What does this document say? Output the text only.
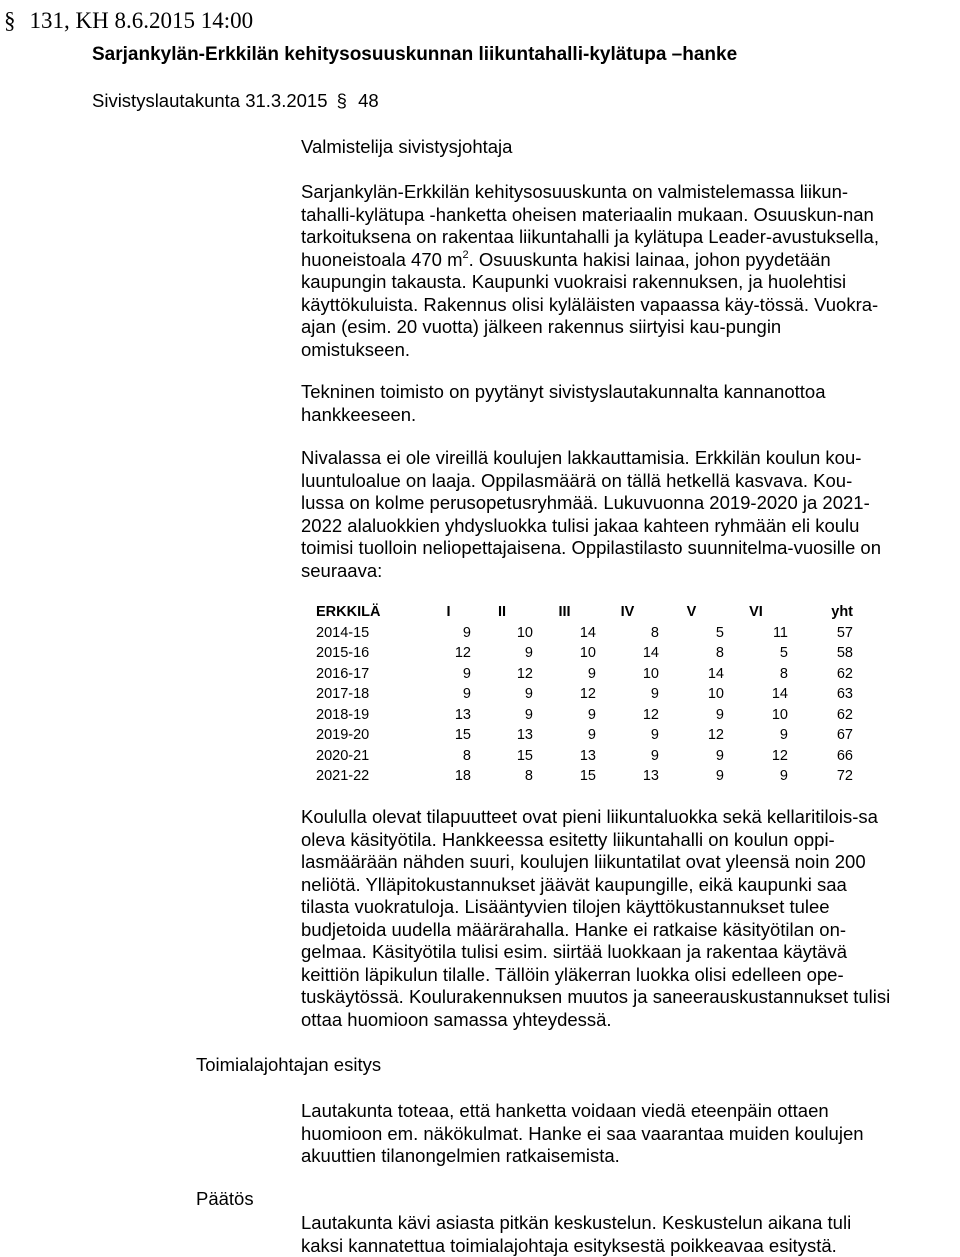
§ 131, KH 8.6.2015 14:00
Sarjankylän-Erkkilän kehitysosuuskunnan liikuntahalli-kylätupa –hanke
Sivistyslautakunta 31.3.2015 § 48
Valmistelija sivistysjohtaja

Sarjankylän-Erkkilän kehitysosuuskunta on valmistelemassa liikun-tahalli-kylätupa -hanketta oheisen materiaalin mukaan. Osuuskun-nan tarkoituksena on rakentaa liikuntahalli ja kylätupa Leader-avustuksella, huoneistoala 470 $m^2$. Osuuskunta hakisi lainaa, johon pyydetään kaupungin takausta. Kaupunki vuokraisi rakennuksen, ja huolehtisi käyttökuluista. Rakennus olisi kyläläisten vapaassa käy-tössä. Vuokra-ajan (esim. 20 vuotta) jälkeen rakennus siirtyisi kau-pungin omistukseen.

Tekninen toimisto on pyytänyt sivistyslautakunnalta kannanottoa hankkeeseen.

Nivalassa ei ole vireillä koulujen lakkauttamisia. Erkkilän koulun kou-luuntuloalue on laaja. Oppilasmäärä on tällä hetkellä kasvava. Kou-lussa on kolme perusopetusryhmää. Lukuvuonna 2019-2020 ja 2021-2022 alaluokkien yhdysluokka tulisi jakaa kahteen ryhmään eli koulu toimisi tuolloin neliopettajaisena. Oppilastilasto suunnitelma-vuosille on seuraava:

ERKKILÄ	I	II	III	IV	V	VI	yht
2014-15	9	10	14	8	5	11	57
2015-16	12	9	10	14	8	5	58
2016-17	9	12	9	10	14	8	62
2017-18	9	9	12	9	10	14	63
2018-19	13	9	9	12	9	10	62
2019-20	15	13	9	9	12	9	67
2020-21	8	15	13	9	9	12	66
2021-22	18	8	15	13	9	9	72

Koululla olevat tilapuutteet ovat pieni liikuntaluokka sekä kellaritilois-sa oleva käsityötila. Hankkeessa esitetty liikuntahalli on koulun oppi-lasmäärään nähden suuri, koulujen liikuntatilat ovat yleensä noin 200 neliötä. Ylläpitokustannukset jäävät kaupungille, eikä kaupunki saa tilasta vuokratuloja. Lisääntyvien tilojen käyttökustannukset tulee budjetoida uudella määrärahalla. Hanke ei ratkaise käsityötilan on-gelmaa. Käsityötila tulisi esim. siirtää luokkaan ja rakentaa käytävä keittiön läpikulun tilalle. Tällöin yläkerran luokka olisi edelleen ope-tuskäytössä. Koulurakennuksen muutos ja saneerauskustannukset tulisi ottaa huomioon samassa yhteydessä.

Toimialajohtajan esitys
Lautakunta toteaa, että hanketta voidaan viedä eteenpäin ottaen huomioon em. näkökulmat. Hanke ei saa vaarantaa muiden koulujen akuuttien tilanongelmien ratkaisemista.
Päätös
Lautakunta kävi asiasta pitkän keskustelun. Keskustelun aikana tuli kaksi kannatettua toimialajohtaja esityksestä poikkeavaa esitystä.
